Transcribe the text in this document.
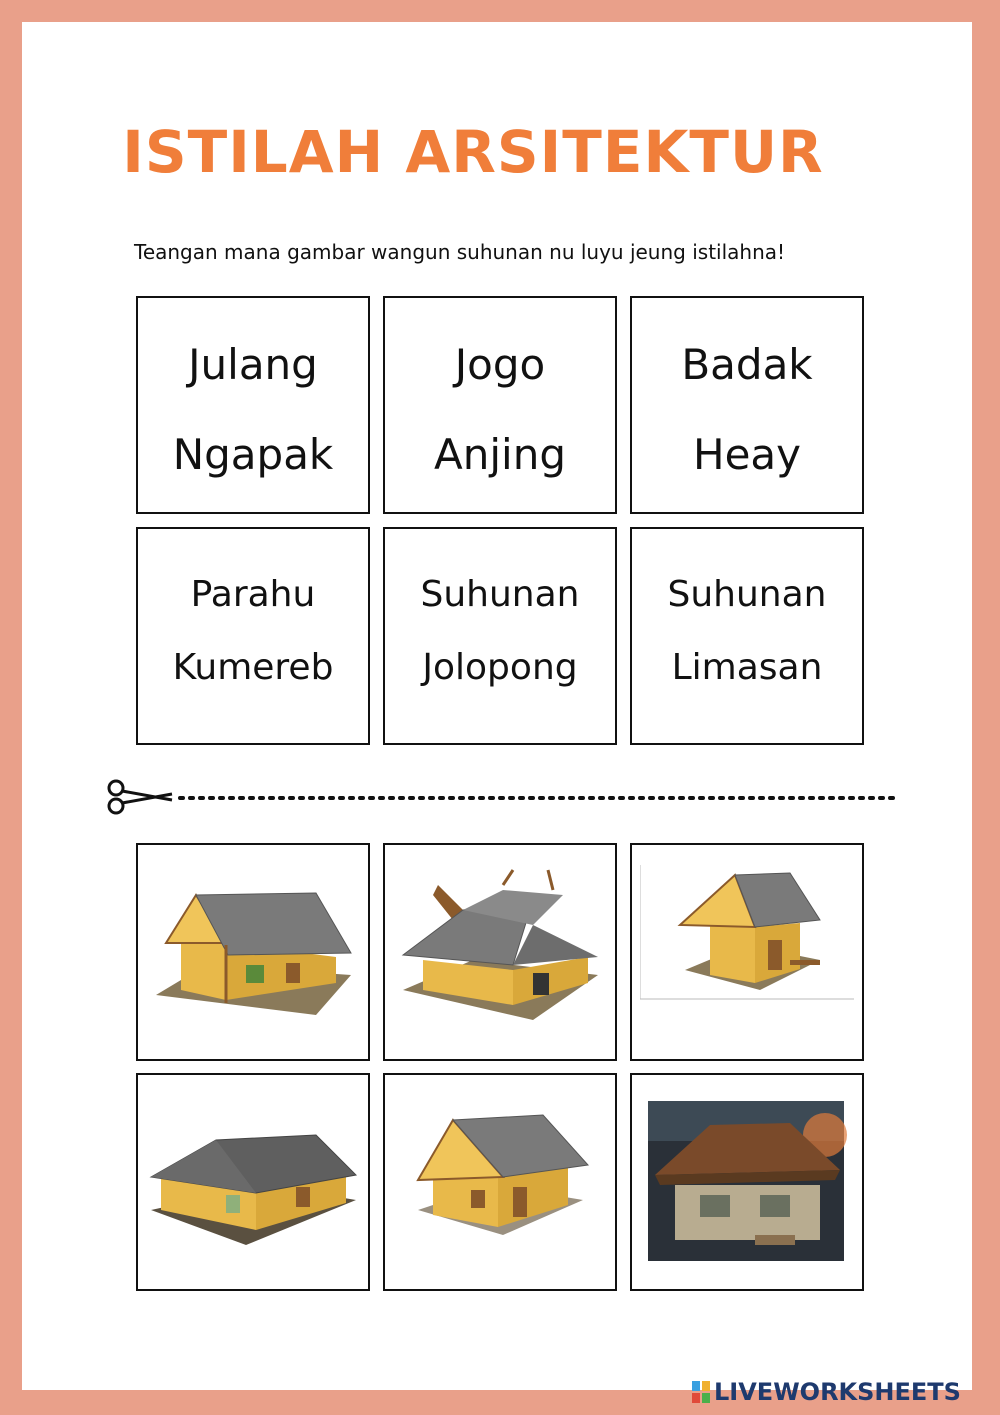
ISTILAH ARSITEKTUR
Teangan mana gambar wangun suhunan nu luyu jeung istilahna!
Julang
Ngapak
Jogo
Anjing
Badak
Heay
Parahu
Kumereb
Suhunan
Jolopong
Suhunan
Limasan
LIVEWORKSHEETS
